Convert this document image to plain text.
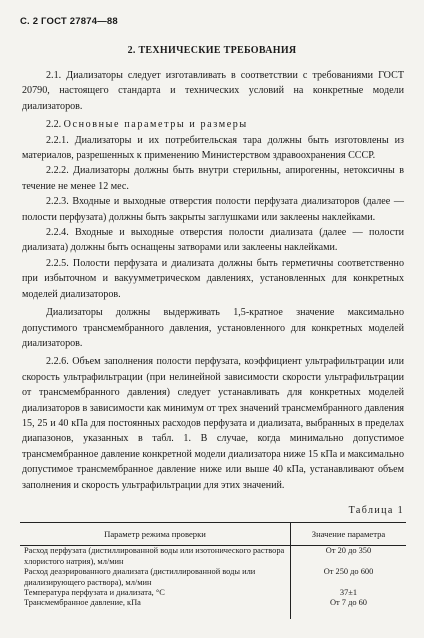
С. 2 ГОСТ 27874—88
2. ТЕХНИЧЕСКИЕ ТРЕБОВАНИЯ

2.1. Диализаторы следует изготавливать в соответствии с требованиями ГОСТ 20790, настоящего стандарта и технических условий на конкретные модели диализаторов.

2.2. Основные параметры и размеры

2.2.1. Диализаторы и их потребительская тара должны быть изготовлены из материалов, разрешенных к применению Министерством здравоохранения СССР.

2.2.2. Диализаторы должны быть внутри стерильны, апирогенны, нетоксичны в течение не менее 12 мес.

2.2.3. Входные и выходные отверстия полости перфузата диализаторов (далее — полости перфузата) должны быть закрыты заглушками или заклеены наклейками.

2.2.4. Входные и выходные отверстия полости диализата (далее — полости диализата) должны быть оснащены затворами или заклеены наклейками.

2.2.5. Полости перфузата и диализата должны быть герметичны соответственно при избыточном и вакуумметрическом давлениях, установленных для конкретных моделей диализаторов.

Диализаторы должны выдерживать 1,5-кратное значение максимально допустимого трансмембранного давления, установленного для конкретных моделей диализаторов.

2.2.6. Объем заполнения полости перфузата, коэффициент ультрафильтрации или скорость ультрафильтрации (при нелинейной зависимости скорости ультрафильтрации от трансмембранного давления) следует устанавливать для конкретных моделей диализаторов в зависимости как минимум от трех значений трансмембранного давления 15, 25 и 40 кПа для постоянных расходов перфузата и диализата, выбранных в пределах диапазонов, указанных в табл. 1. В случае, когда минимально допустимое трансмембранное давление конкретной модели диализатора ниже 15 кПа и максимально допустимое трансмембранное давление ниже или выше 40 кПа, устанавливают объем заполнения и скорость ультрафильтрации для этих значений.

Таблица 1
Параметр режима проверки	Значение параметра
Расход перфузата (дистиллированной воды или изотонического раствора хлористого натрия), мл/мин	От 20 до 350
Расход деаэрированного диализата (дистиллированной воды или диализирующего раствора), мл/мин	От 250 до 600
Температура перфузата и диализата, °С	37±1
Трансмембранное давление, кПа	От 7 до 60
